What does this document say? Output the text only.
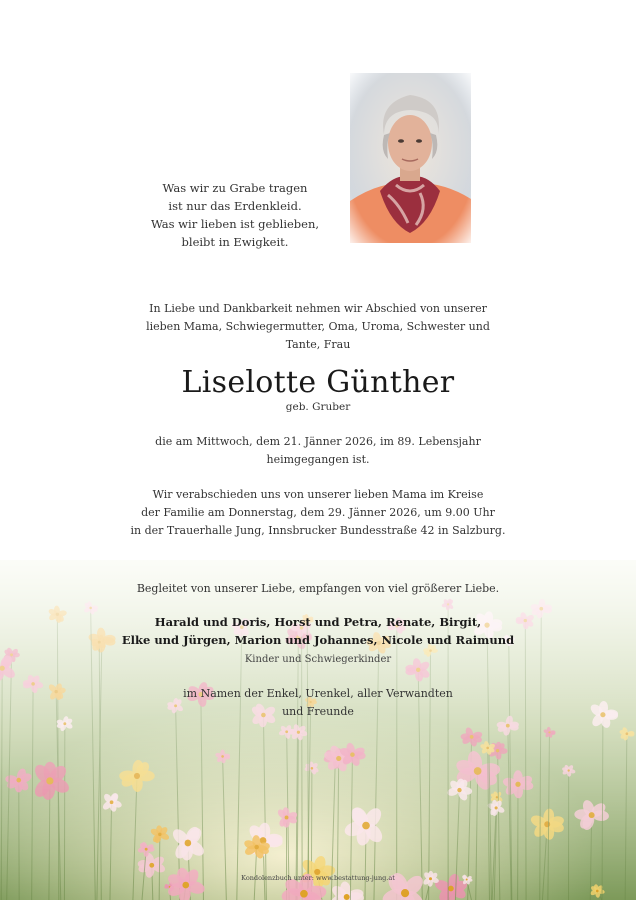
Was wir zu Grabe tragen
ist nur das Erdenkleid.
Was wir lieben ist geblieben,
bleibt in Ewigkeit.
In Liebe und Dankbarkeit nehmen wir Abschied von unserer
lieben Mama, Schwiegermutter, Oma, Uroma, Schwester und
Tante, Frau
Liselotte Günther
geb. Gruber
die am Mittwoch, dem 21. Jänner 2026, im 89. Lebensjahr
heimgegangen ist.
Wir verabschieden uns von unserer lieben Mama im Kreise
der Familie am Donnerstag, dem 29. Jänner 2026, um 9.00 Uhr
in der Trauerhalle Jung, Innsbrucker Bundesstraße 42 in Salzburg.
Begleitet von unserer Liebe, empfangen von viel größerer Liebe.
Harald und Doris, Horst und Petra, Renate, Birgit,
Elke und Jürgen, Marion und Johannes, Nicole und Raimund
Kinder und Schwiegerkinder
im Namen der Enkel, Urenkel, aller Verwandten
und Freunde
Kondolenzbuch unter: www.bestattung-jung.at
